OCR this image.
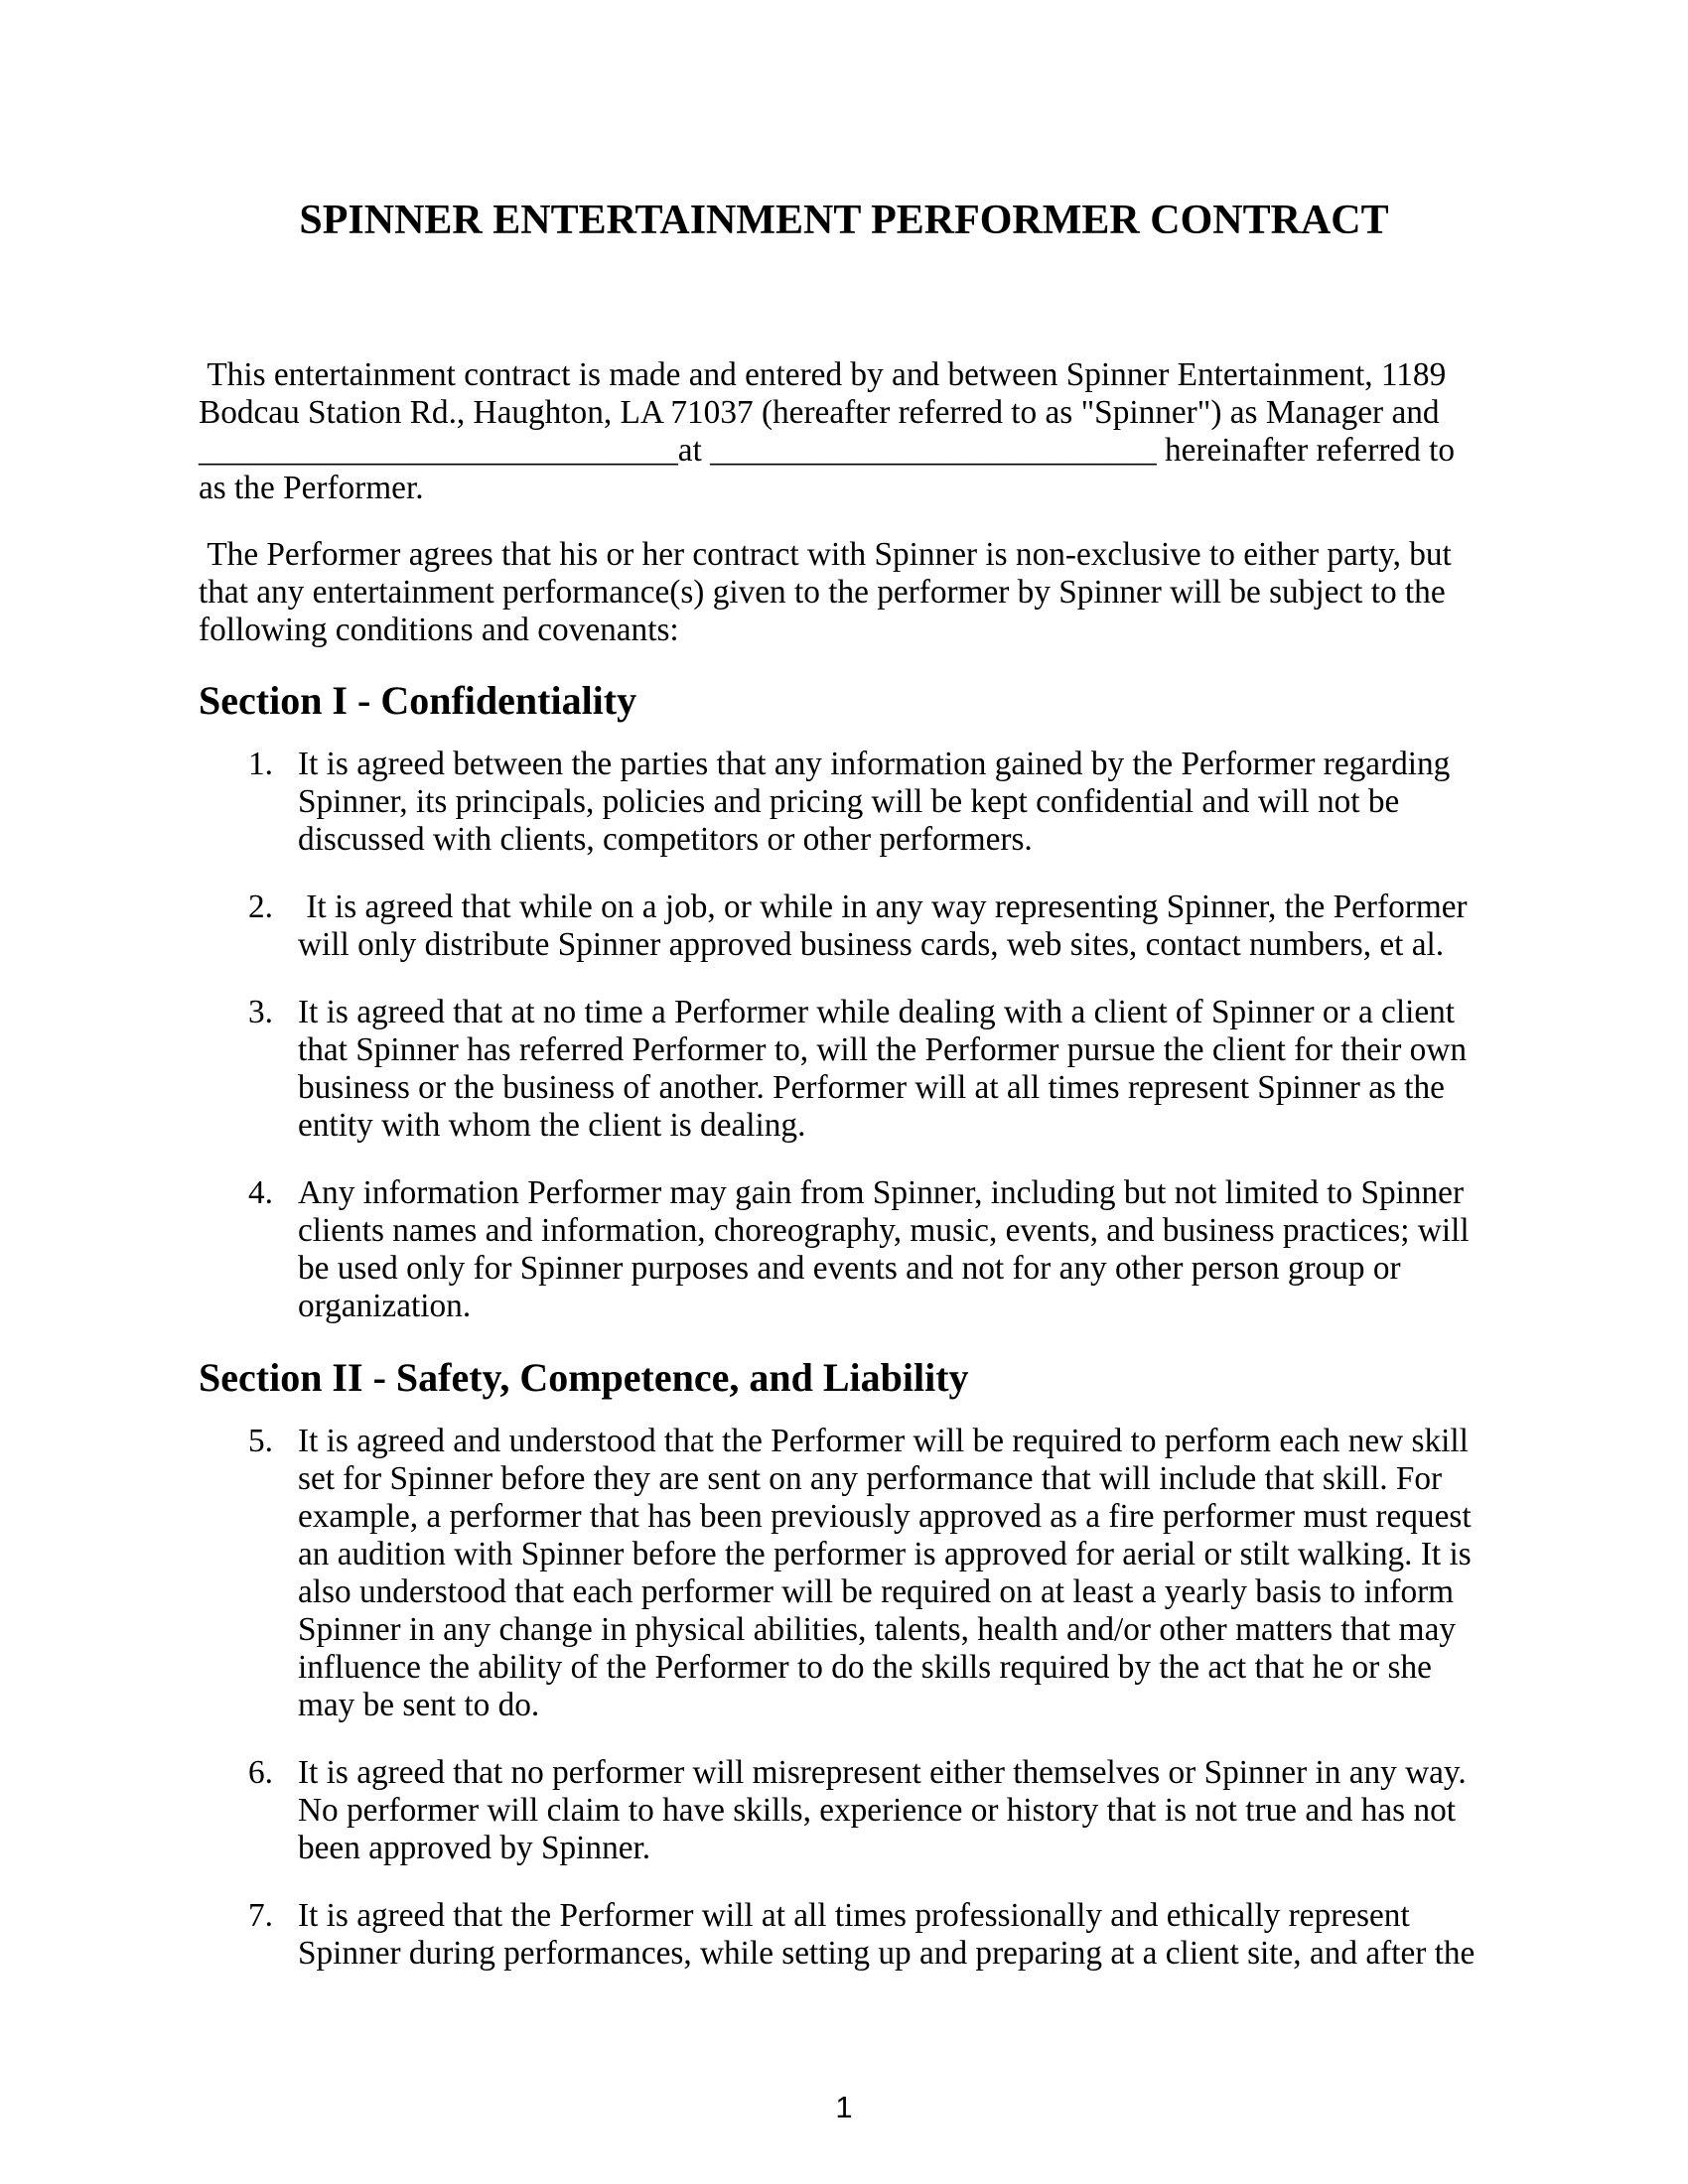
SPINNER ENTERTAINMENT PERFORMER CONTRACT

This entertainment contract is made and entered by and between Spinner Entertainment, 1189 Bodcau Station Rd., Haughton, LA 71037 (hereafter referred to as "Spinner") as Manager and _____________________________at ___________________________ hereinafter referred to as the Performer.

The Performer agrees that his or her contract with Spinner is non-exclusive to either party, but that any entertainment performance(s) given to the performer by Spinner will be subject to the following conditions and covenants:

Section I - Confidentiality
1. It is agreed between the parties that any information gained by the Performer regarding Spinner, its principals, policies and pricing will be kept confidential and will not be discussed with clients, competitors or other performers.
2. It is agreed that while on a job, or while in any way representing Spinner, the Performer will only distribute Spinner approved business cards, web sites, contact numbers, et al.
3. It is agreed that at no time a Performer while dealing with a client of Spinner or a client that Spinner has referred Performer to, will the Performer pursue the client for their own business or the business of another. Performer will at all times represent Spinner as the entity with whom the client is dealing.
4. Any information Performer may gain from Spinner, including but not limited to Spinner clients names and information, choreography, music, events, and business practices; will be used only for Spinner purposes and events and not for any other person group or organization.
Section II - Safety, Competence, and Liability
5. It is agreed and understood that the Performer will be required to perform each new skill set for Spinner before they are sent on any performance that will include that skill. For example, a performer that has been previously approved as a fire performer must request an audition with Spinner before the performer is approved for aerial or stilt walking. It is also understood that each performer will be required on at least a yearly basis to inform Spinner in any change in physical abilities, talents, health and/or other matters that may influence the ability of the Performer to do the skills required by the act that he or she may be sent to do.
6. It is agreed that no performer will misrepresent either themselves or Spinner in any way. No performer will claim to have skills, experience or history that is not true and has not been approved by Spinner.
7. It is agreed that the Performer will at all times professionally and ethically represent Spinner during performances, while setting up and preparing at a client site, and after the
1
